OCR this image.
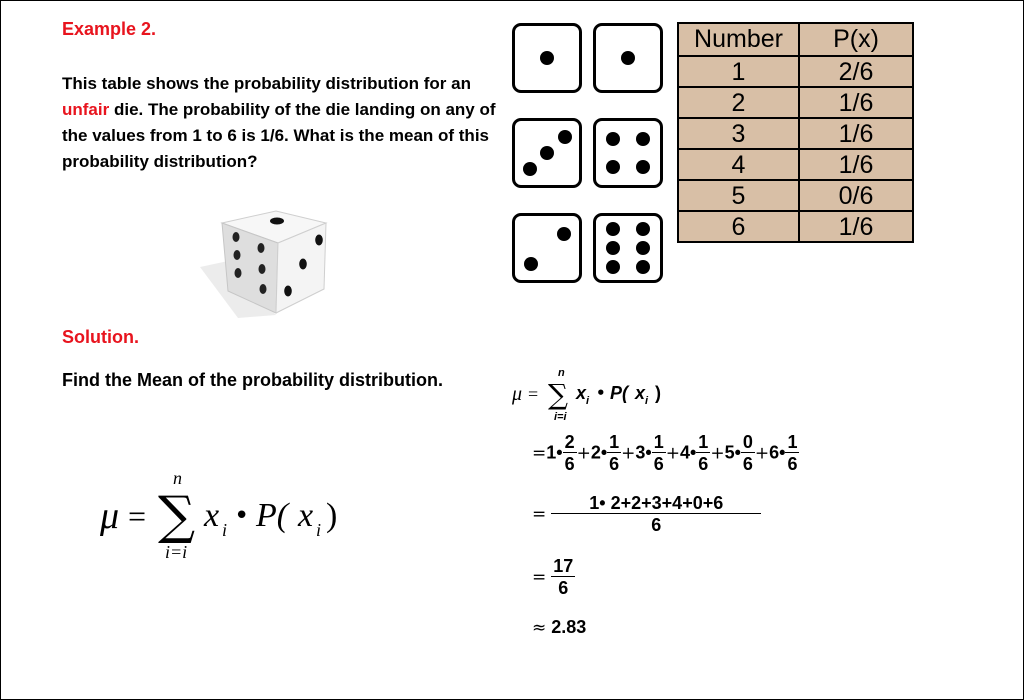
Example 2.
This table shows the probability distribution for an unfair die. The probability of the die landing on any of the values from 1 to 6 is 1/6. What is the mean of this probability distribution?
Number	P(x)
1	2/6
2	1/6
3	1/6
4	1/6
5	0/6
6	1/6
Solution.
Find the Mean of the probability distribution.
μ = ∑
n
i=i
x i • P( x i )
μ = ∑
n
i=i
x i • P( x i )
=1• $\frac{2}{6}$ +2• $\frac{1}{6}$ +3• $\frac{1}{6}$ +4• $\frac{1}{6}$ +5• $\frac{0}{6}$ +6• $\frac{1}{6}$
= $\frac{1• 2+2+3+4+0+6}{6}$
= $\frac{17}{6}$
≈ 2.83
